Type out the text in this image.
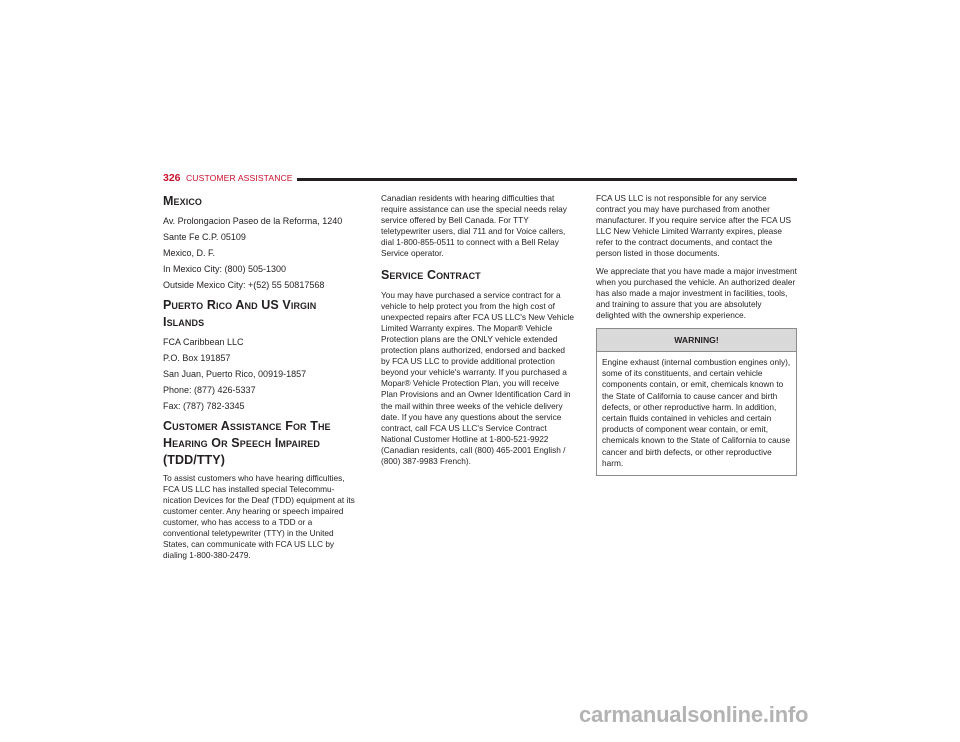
326 CUSTOMER ASSISTANCE
Mexico
Av. Prolongacion Paseo de la Reforma, 1240
Sante Fe C.P. 05109
Mexico, D. F.
In Mexico City: (800) 505-1300
Outside Mexico City: +(52) 55 50817568
Puerto Rico And US Virgin Islands
FCA Caribbean LLC
P.O. Box 191857
San Juan, Puerto Rico, 00919-1857
Phone: (877) 426-5337
Fax: (787) 782-3345
Customer Assistance For The
Hearing Or Speech Impaired
(TDD/TTY)

To assist customers who have hearing difficulties, FCA US LLC has installed special Telecommu-nication Devices for the Deaf (TDD) equipment at its customer center. Any hearing or speech impaired customer, who has access to a TDD or a conventional teletypewriter (TTY) in the United States, can communicate with FCA US LLC by dialing 1-800-380-2479.

Canadian residents with hearing difficulties that require assistance can use the special needs relay service offered by Bell Canada. For TTY teletypewriter users, dial 711 and for Voice callers, dial 1-800-855-0511 to connect with a Bell Relay Service operator.

Service Contract

You may have purchased a service contract for a vehicle to help protect you from the high cost of unexpected repairs after FCA US LLC's New Vehicle Limited Warranty expires. The Mopar® Vehicle Protection plans are the ONLY vehicle extended protection plans authorized, endorsed and backed by FCA US LLC to provide additional protection beyond your vehicle's warranty. If you purchased a Mopar® Vehicle Protection Plan, you will receive Plan Provisions and an Owner Identification Card in the mail within three weeks of the vehicle delivery date. If you have any questions about the service contract, call FCA US LLC's Service Contract National Customer Hotline at 1-800-521-9922 (Canadian residents, call (800) 465-2001 English / (800) 387-9983 French).

FCA US LLC is not responsible for any service contract you may have purchased from another manufacturer. If you require service after the FCA US LLC New Vehicle Limited Warranty expires, please refer to the contract documents, and contact the person listed in those documents.

We appreciate that you have made a major investment when you purchased the vehicle. An authorized dealer has also made a major investment in facilities, tools, and training to assure that you are absolutely delighted with the ownership experience.

WARNING!
Engine exhaust (internal combustion engines only), some of its constituents, and certain vehicle components contain, or emit, chemicals known to the State of California to cause cancer and birth defects, or other reproductive harm. In addition, certain fluids contained in vehicles and certain products of component wear contain, or emit, chemicals known to the State of California to cause cancer and birth defects, or other reproductive harm.
carmanualsonline.info
